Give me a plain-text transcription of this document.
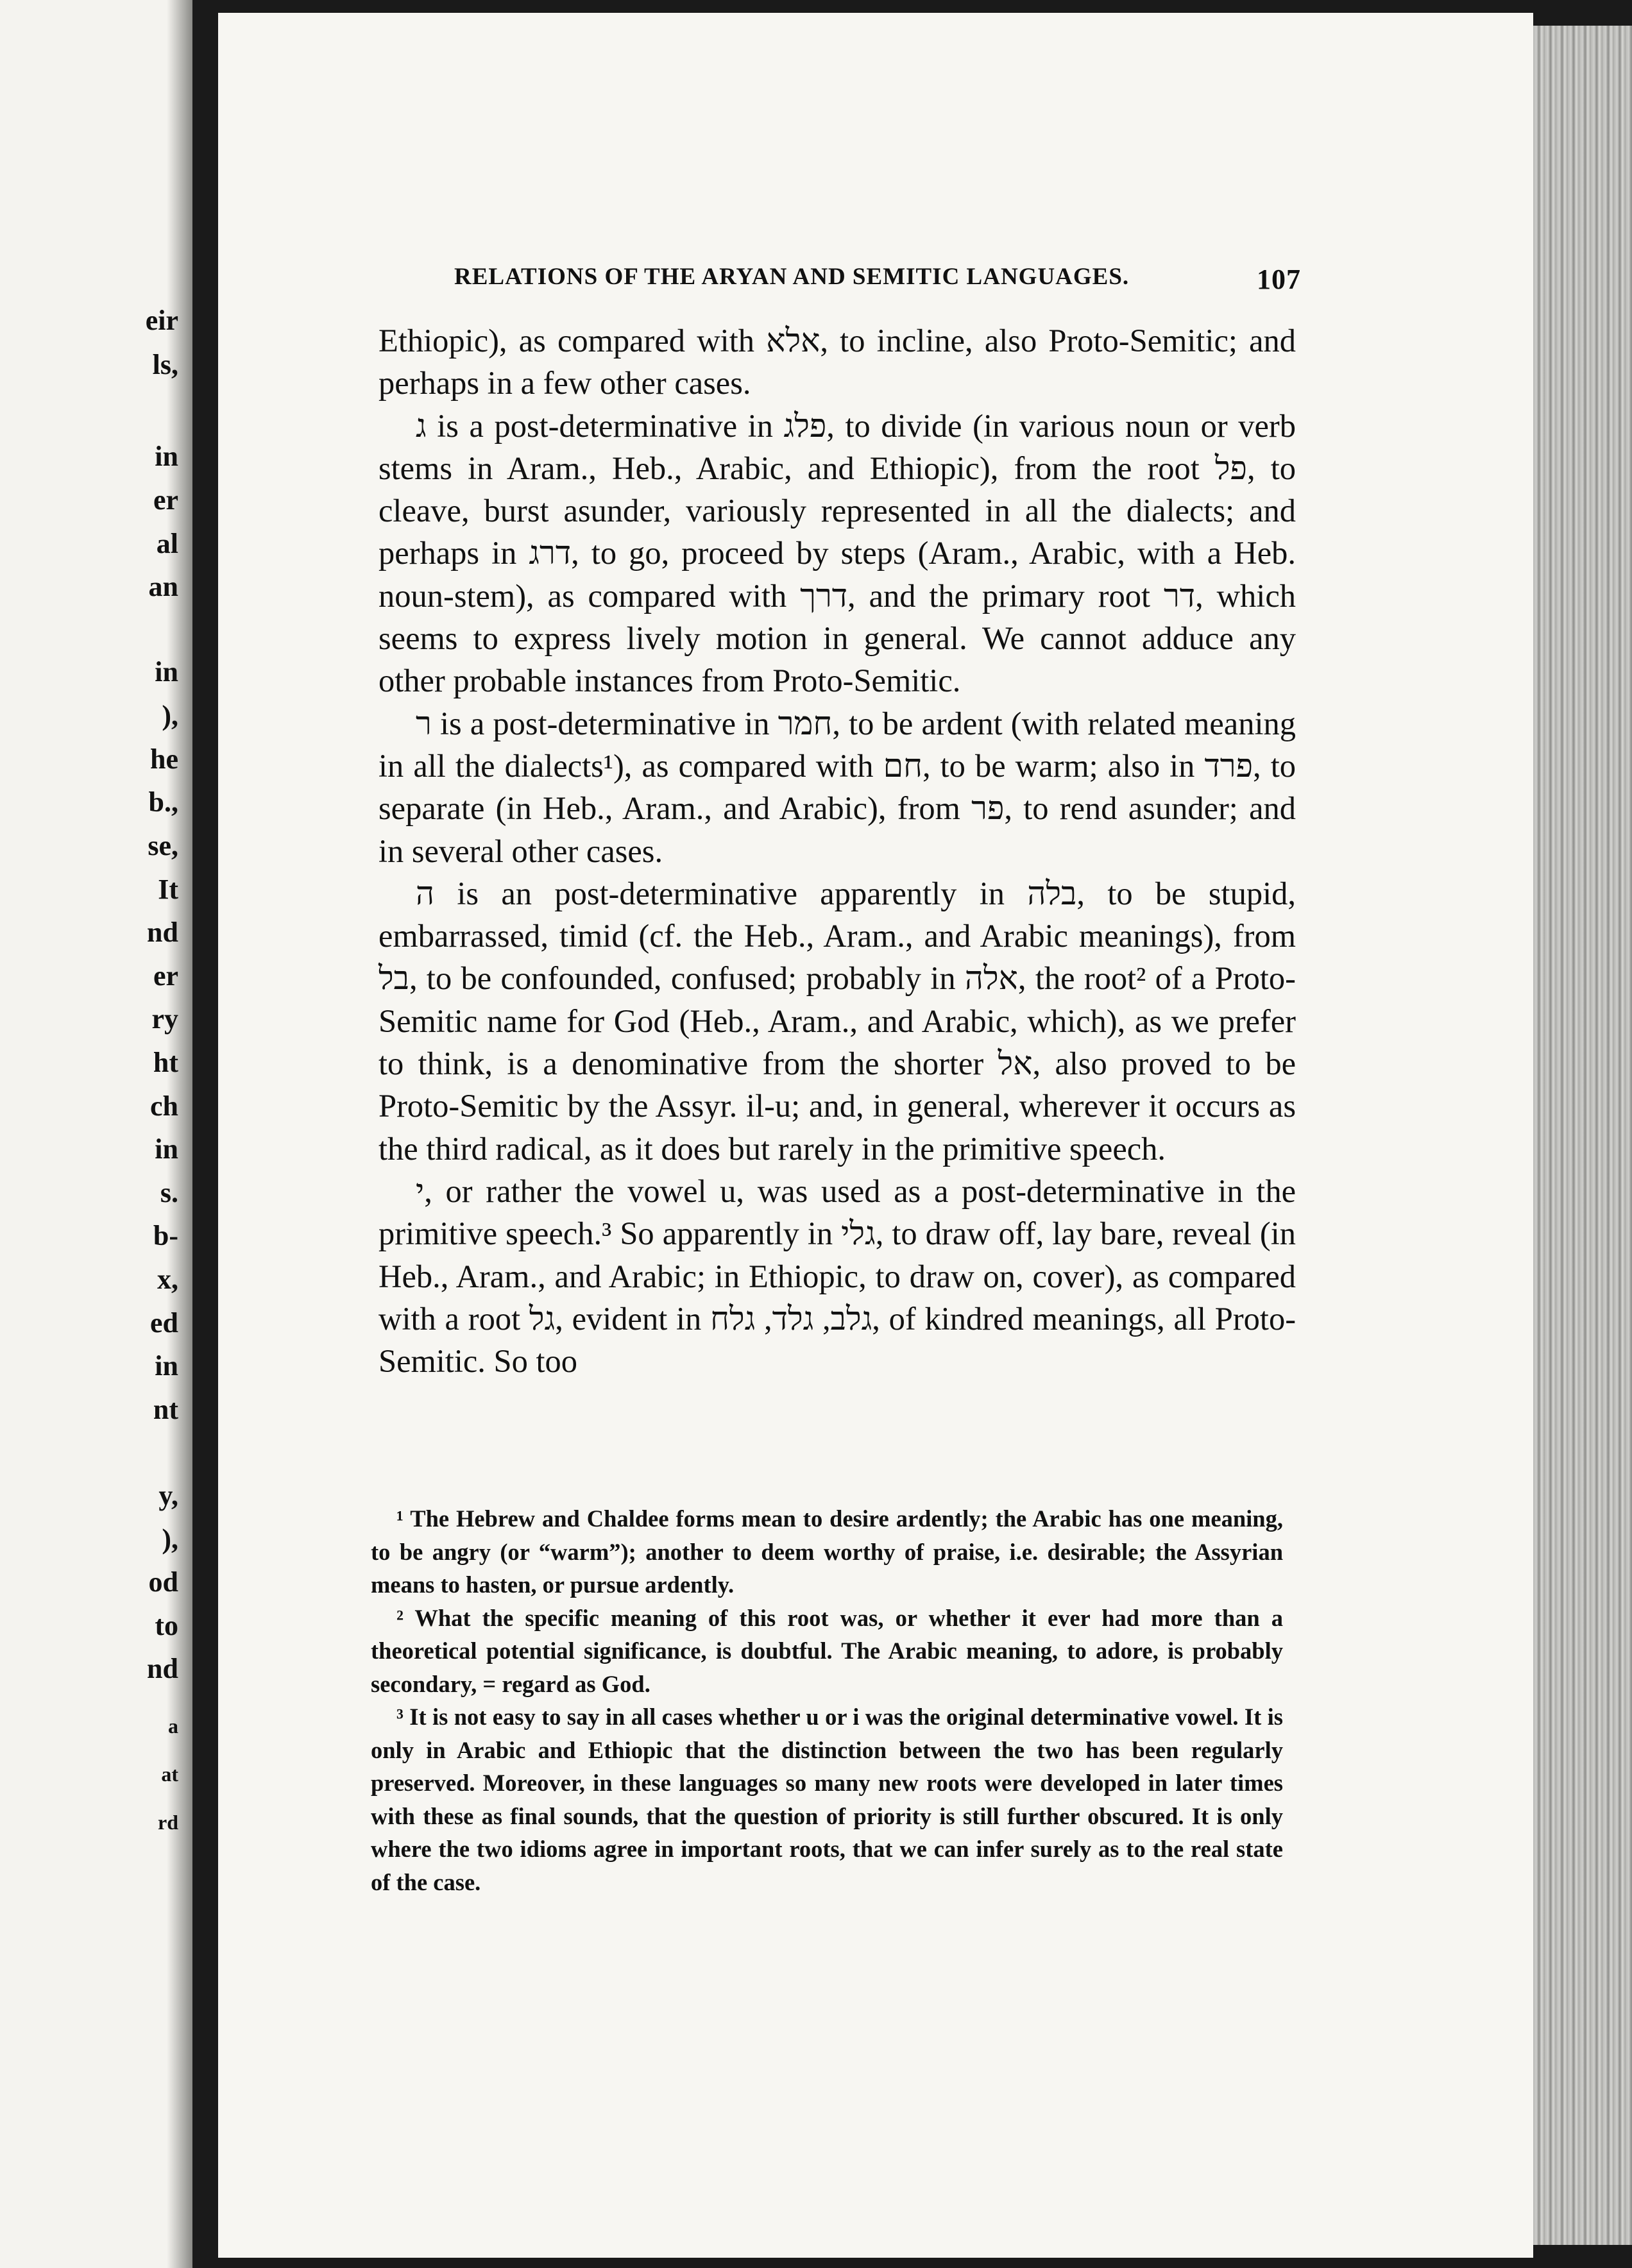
eir
ls,
in
er
al
an
in
),
he
b.,
se,
It
nd
er
ry
ht
ch
in
s.
b-
x,
ed
in
nt
y,
),
od
to
nd
a
at
rd
RELATIONS OF THE ARYAN AND SEMITIC LANGUAGES.	107

Ethiopic), as compared with אלא, to incline, also Proto-Semitic; and perhaps in a few other cases.

ג is a post-determinative in פלג, to divide (in various noun or verb stems in Aram., Heb., Arabic, and Ethiopic), from the root פל, to cleave, burst asunder, variously represented in all the dialects; and perhaps in דרג, to go, proceed by steps (Aram., Arabic, with a Heb. noun-stem), as compared with דרך, and the primary root דר, which seems to express lively motion in general. We cannot adduce any other probable instances from Proto-Semitic.

ר is a post-determinative in חמר, to be ardent (with related meaning in all the dialects¹), as compared with חם, to be warm; also in פרד, to separate (in Heb., Aram., and Arabic), from פר, to rend asunder; and in several other cases.

ה is an post-determinative apparently in בלה, to be stupid, embarrassed, timid (cf. the Heb., Aram., and Arabic meanings), from בל, to be confounded, confused; probably in אלה, the root² of a Proto-Semitic name for God (Heb., Aram., and Arabic, which), as we prefer to think, is a denominative from the shorter אל, also proved to be Proto-Semitic by the Assyr. il-u; and, in general, wherever it occurs as the third radical, as it does but rarely in the primitive speech.

י, or rather the vowel u, was used as a post-determinative in the primitive speech.³ So apparently in גלי, to draw off, lay bare, reveal (in Heb., Aram., and Arabic; in Ethiopic, to draw on, cover), as compared with a root גל, evident in גלב, גלד, גלח, of kindred meanings, all Proto-Semitic. So too

¹ The Hebrew and Chaldee forms mean to desire ardently; the Arabic has one meaning, to be angry (or “warm”); another to deem worthy of praise, i.e. desirable; the Assyrian means to hasten, or pursue ardently.

² What the specific meaning of this root was, or whether it ever had more than a theoretical potential significance, is doubtful. The Arabic meaning, to adore, is probably secondary, = regard as God.

³ It is not easy to say in all cases whether u or i was the original determinative vowel. It is only in Arabic and Ethiopic that the distinction between the two has been regularly preserved. Moreover, in these languages so many new roots were developed in later times with these as final sounds, that the question of priority is still further obscured. It is only where the two idioms agree in important roots, that we can infer surely as to the real state of the case.
